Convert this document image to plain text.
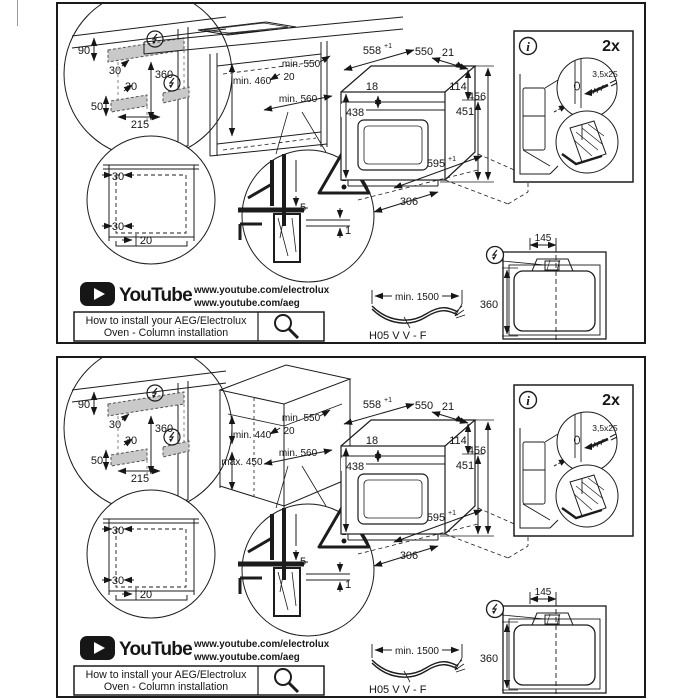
90
30	360
30
50
215
30
30
20
5
1
min. 460
min. 550
20
min. 560
558 +1 550 21
18	114
456
451
438
595 +1
306
i	2x
3,5x25
YouTube www.youtube.com/electrolux
www.youtube.com/aeg
How to install your AEG/Electrolux
Oven - Column installation
min. 1500
H05 V V - F
145
360
90
30	360
30
50
215
30
30
20
5
1
max. 450
min. 440
min. 550
20
min. 560
558 +1 550 21
18	114
456
451
438
595 +1
306
i	2x
3,5x25
YouTube www.youtube.com/electrolux
www.youtube.com/aeg
How to install your AEG/Electrolux
Oven - Column installation
min. 1500
H05 V V - F
145
360
